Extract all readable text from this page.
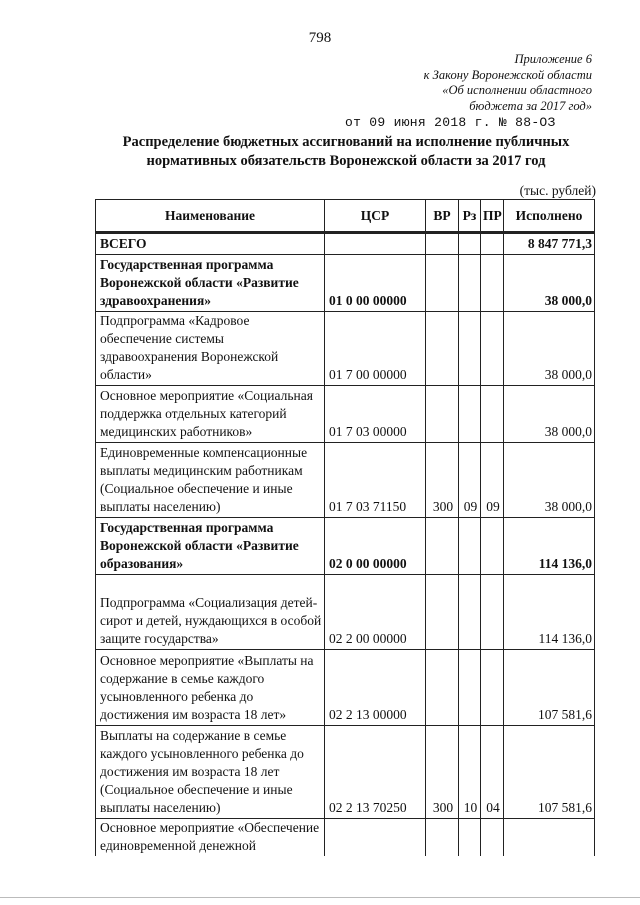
798
Приложение 6
к Закону Воронежской области
«Об исполнении областного
бюджета за 2017 год»
от 09 июня 2018 г. № 88-ОЗ
Распределение бюджетных ассигнований на исполнение публичных
нормативных обязательств Воронежской области за 2017 год
(тыс. рублей)
Наименование	ЦСР	ВР	Рз	ПР	Исполнено

ВСЕГО					8 847 771,3
Государственная программа Воронежской области «Развитие здравоохранения»	01 0 00 00000				38 000,0
Подпрограмма «Кадровое обеспечение системы здравоохранения Воронежской области»	01 7 00 00000				38 000,0
Основное мероприятие «Социальная поддержка отдельных категорий медицинских работников»	01 7 03 00000				38 000,0
Единовременные компенсационные выплаты медицинским работникам (Социальное обеспечение и иные выплаты населению)	01 7 03 71150	300	09	09	38 000,0
Государственная программа Воронежской области «Развитие образования»	02 0 00 00000				114 136,0
Подпрограмма «Социализация детей-сирот и детей, нуждающихся в особой защите государства»	02 2 00 00000				114 136,0
Основное мероприятие «Выплаты на содержание в семье каждого усыновленного ребенка до достижения им возраста 18 лет»	02 2 13 00000				107 581,6
Выплаты на содержание в семье каждого усыновленного ребенка до достижения им возраста 18 лет (Социальное обеспечение и иные выплаты населению)	02 2 13 70250	300	10	04	107 581,6
Основное мероприятие «Обеспечение единовременной денежной					
